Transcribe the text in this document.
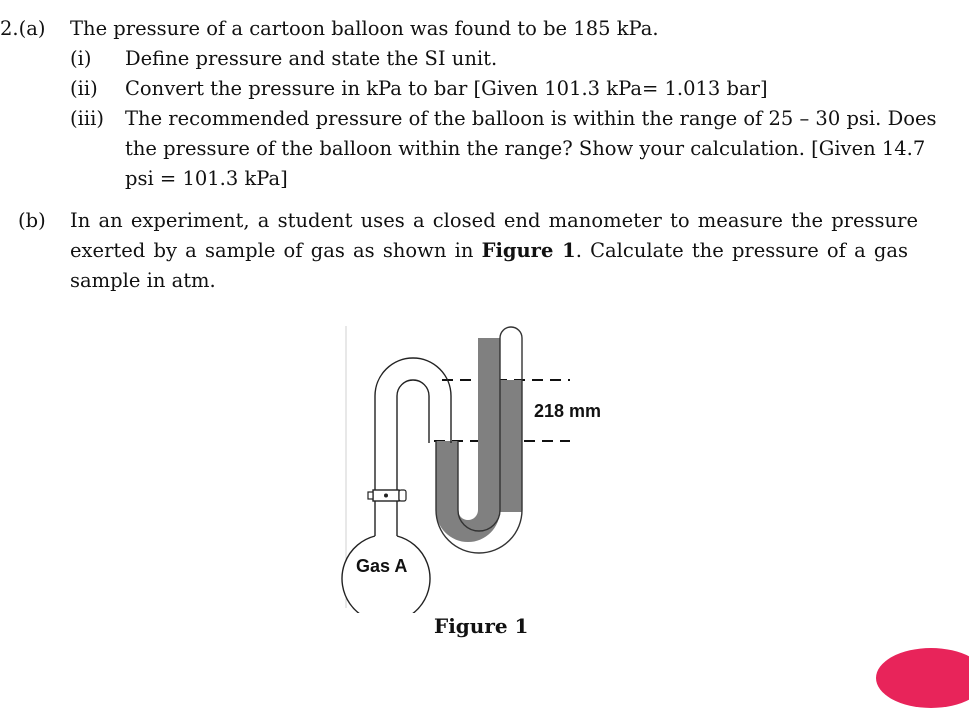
2.(a) The pressure of a cartoon balloon was found to be 185 kPa.
(i) Define pressure and state the SI unit.
(ii) Convert the pressure in kPa to bar [Given 101.3 kPa= 1.013 bar]
(iii) The recommended pressure of the balloon is within the range of 25 – 30 psi. Does
the pressure of the balloon within the range? Show your calculation. [Given 14.7
psi = 101.3 kPa]
(b) In an experiment, a student uses a closed end manometer to measure the pressure
exerted by a sample of gas as shown in Figure 1. Calculate the pressure of a gas
sample in atm.
218 mm
Gas A
Figure 1
